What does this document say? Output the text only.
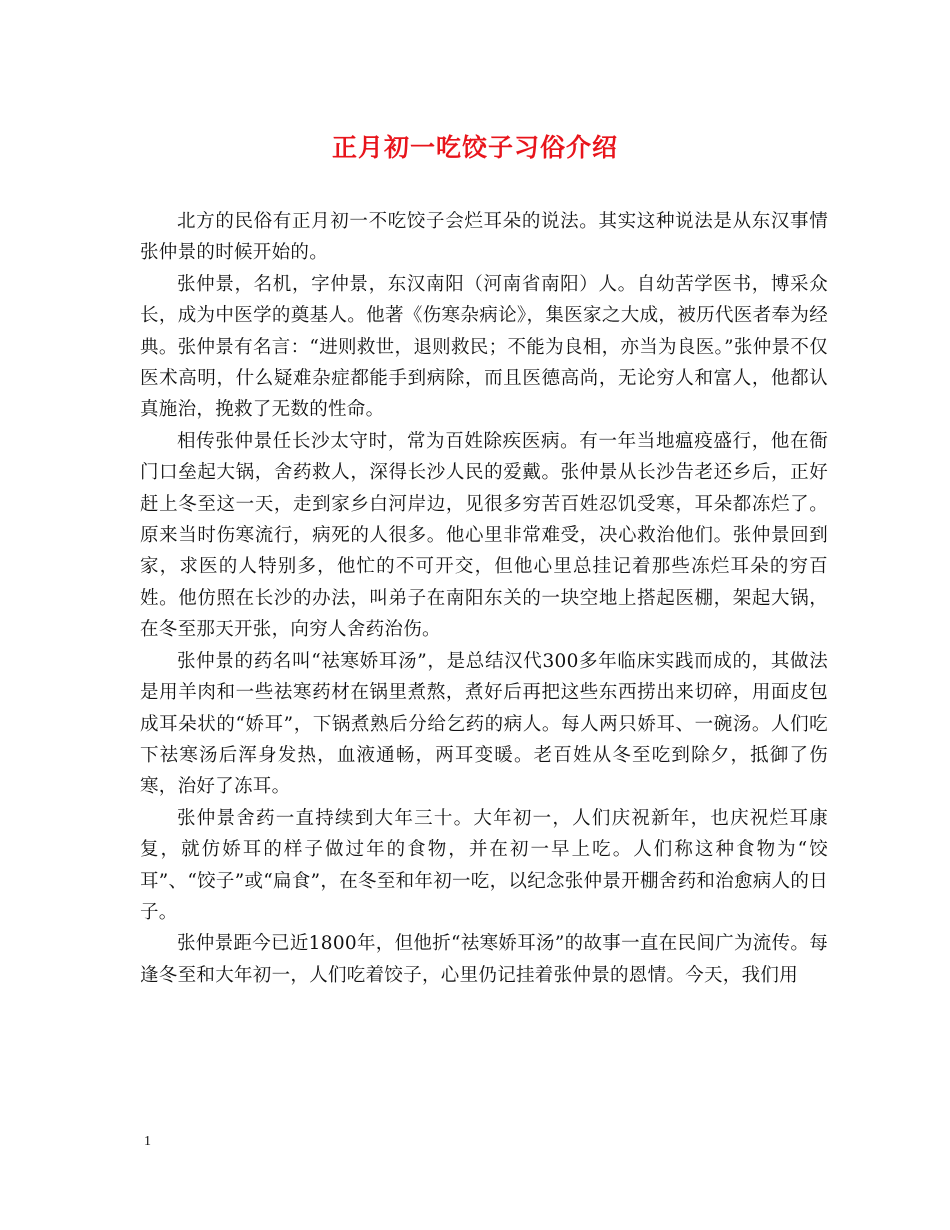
正月初一吃饺子习俗介绍

北方的民俗有正月初一不吃饺子会烂耳朵的说法。其实这种说法是从东汉事情张仲景的时候开始的。

张仲景，名机，字仲景，东汉南阳（河南省南阳）人。自幼苦学医书，博采众长，成为中医学的奠基人。他著《伤寒杂病论》，集医家之大成，被历代医者奉为经典。张仲景有名言：“进则救世，退则救民；不能为良相，亦当为良医。”张仲景不仅医术高明，什么疑难杂症都能手到病除，而且医德高尚，无论穷人和富人，他都认真施治，挽救了无数的性命。

相传张仲景任长沙太守时，常为百姓除疾医病。有一年当地瘟疫盛行，他在衙门口垒起大锅，舍药救人，深得长沙人民的爱戴。张仲景从长沙告老还乡后，正好赶上冬至这一天，走到家乡白河岸边，见很多穷苦百姓忍饥受寒，耳朵都冻烂了。原来当时伤寒流行，病死的人很多。他心里非常难受，决心救治他们。张仲景回到家，求医的人特别多，他忙的不可开交，但他心里总挂记着那些冻烂耳朵的穷百姓。他仿照在长沙的办法，叫弟子在南阳东关的一块空地上搭起医棚，架起大锅，在冬至那天开张，向穷人舍药治伤。

张仲景的药名叫“祛寒娇耳汤”，是总结汉代300多年临床实践而成的，其做法是用羊肉和一些祛寒药材在锅里煮熬，煮好后再把这些东西捞出来切碎，用面皮包成耳朵状的“娇耳”，下锅煮熟后分给乞药的病人。每人两只娇耳、一碗汤。人们吃下祛寒汤后浑身发热，血液通畅，两耳变暖。老百姓从冬至吃到除夕，抵御了伤寒，治好了冻耳。

张仲景舍药一直持续到大年三十。大年初一，人们庆祝新年，也庆祝烂耳康复，就仿娇耳的样子做过年的食物，并在初一早上吃。人们称这种食物为“饺耳”、“饺子”或“扁食”，在冬至和年初一吃，以纪念张仲景开棚舍药和治愈病人的日子。

张仲景距今已近1800年，但他折“祛寒娇耳汤”的故事一直在民间广为流传。每逢冬至和大年初一，人们吃着饺子，心里仍记挂着张仲景的恩情。今天，我们用

1
